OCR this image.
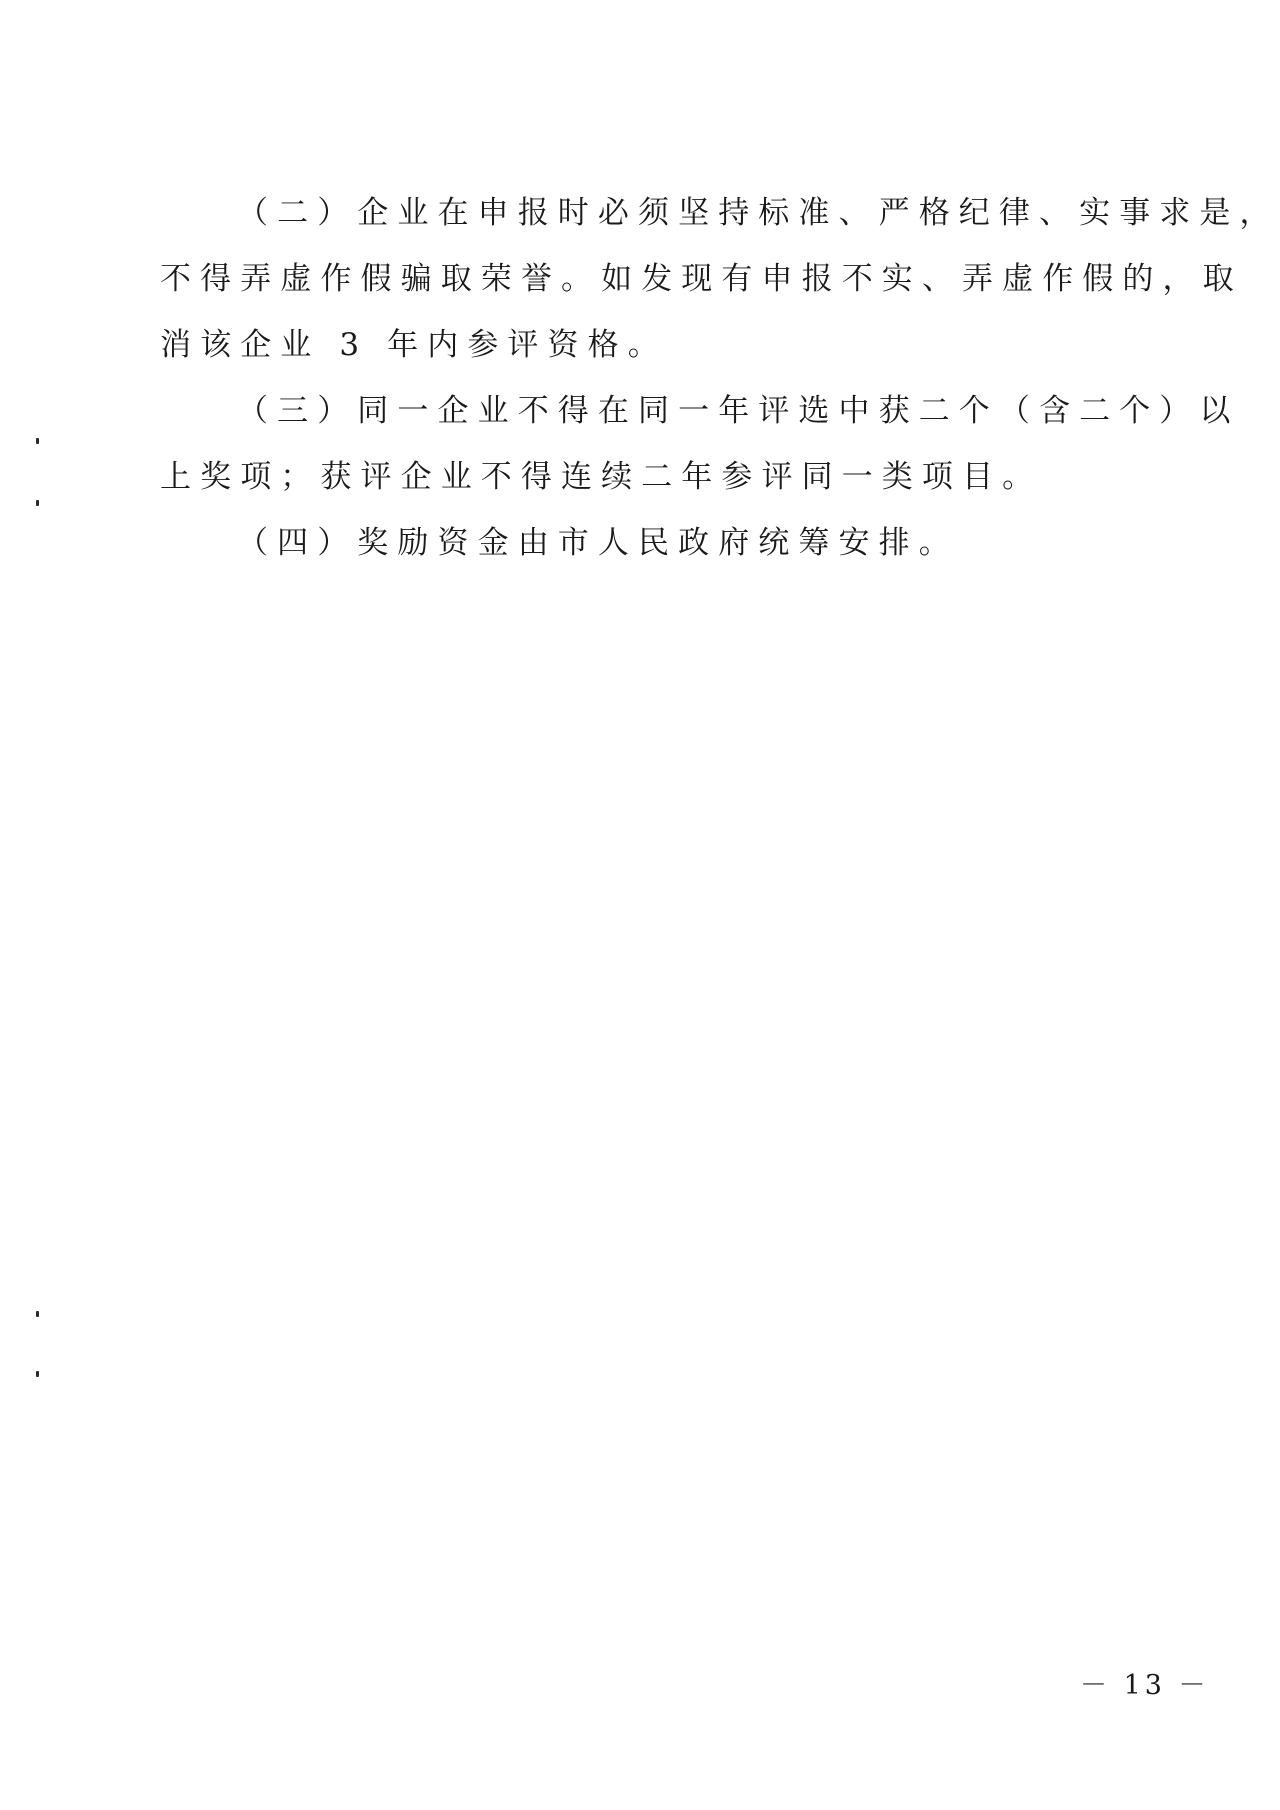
（二）企业在申报时必须坚持标准、严格纪律、实事求是，
不得弄虚作假骗取荣誉。如发现有申报不实、弄虚作假的，取
消该企业 3 年内参评资格。
（三）同一企业不得在同一年评选中获二个（含二个）以
上奖项；获评企业不得连续二年参评同一类项目。
（四）奖励资金由市人民政府统筹安排。
－ 13 －
